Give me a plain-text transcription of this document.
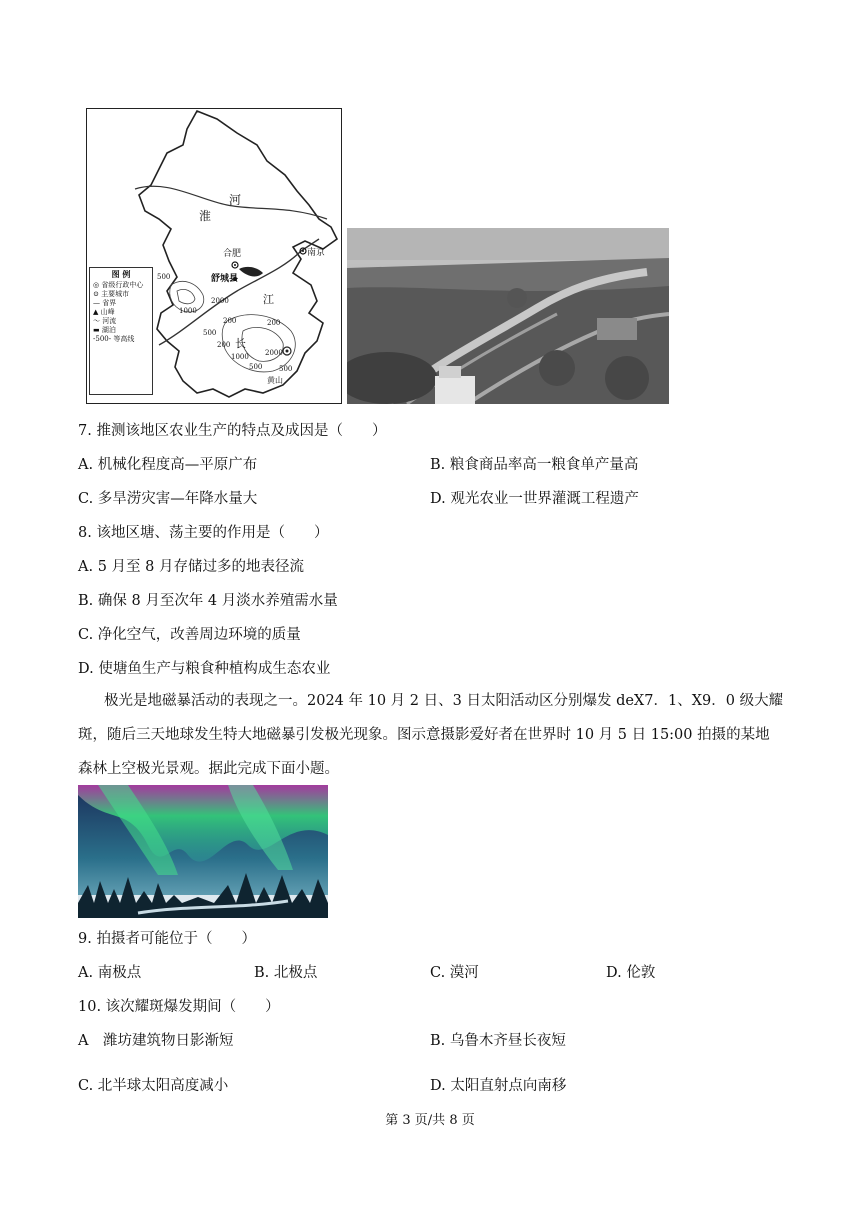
淮
河
合肥
舒城县
南京
江
长
黄山
500
1000
2000
200
500
200
1000 2000
200
500 500
图 例
◎ 省级行政中心
⊙ 主要城市
— 省界
▲ 山峰
〜 河流
▬ 湖泊
-500- 等高线
7. 推测该地区农业生产的特点及成因是（　　）
A. 机械化程度高—平原广布	B. 粮食商品率高一粮食单产量高
C. 多旱涝灾害—年降水量大	D. 观光农业一世界灌溉工程遗产
8. 该地区塘、荡主要的作用是（　　）
A. 5 月至 8 月存储过多的地表径流
B. 确保 8 月至次年 4 月淡水养殖需水量
C. 净化空气，改善周边环境的质量
D. 使塘鱼生产与粮食种植构成生态农业
极光是地磁暴活动的表现之一。2024 年 10 月 2 日、3 日太阳活动区分别爆发 deX7．1、X9．0 级大耀
斑，随后三天地球发生特大地磁暴引发极光现象。图示意摄影爱好者在世界时 10 月 5 日 15:00 拍摄的某地
森林上空极光景观。据此完成下面小题。
9. 拍摄者可能位于（　　）
A. 南极点	B. 北极点	C. 漠河	D. 伦敦
10. 该次耀斑爆发期间（　　）
A　潍坊建筑物日影渐短	B. 乌鲁木齐昼长夜短
C. 北半球太阳高度减小	D. 太阳直射点向南移
第 3 页/共 8 页
